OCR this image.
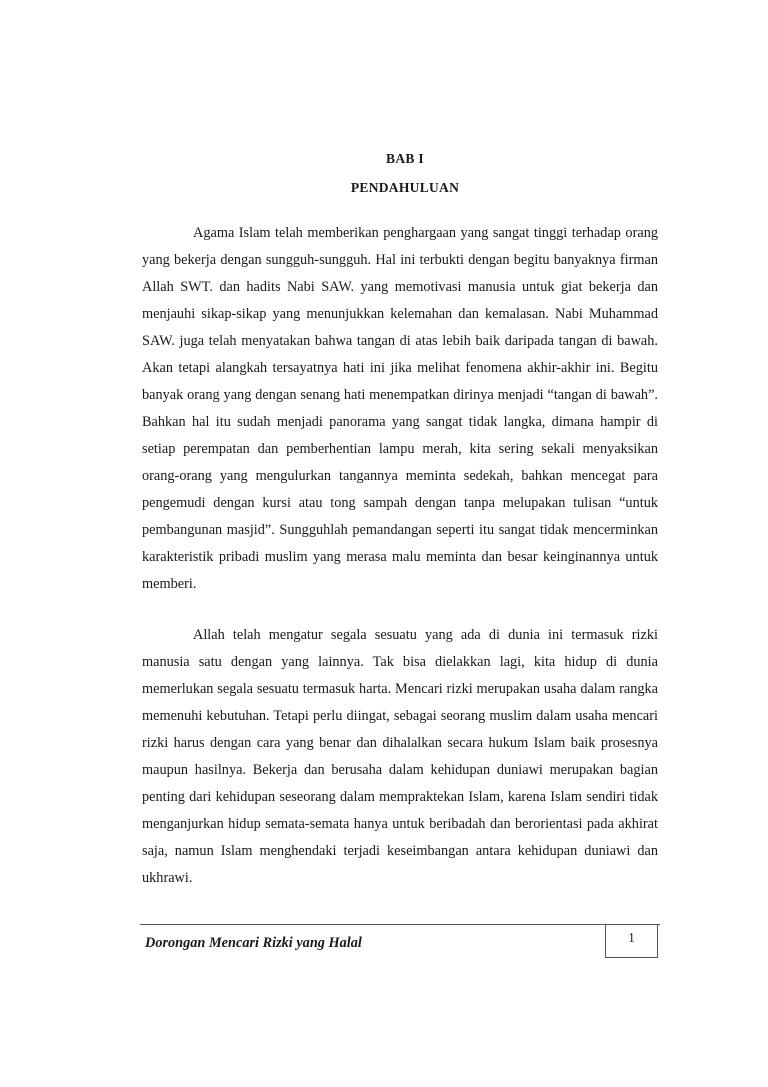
BAB I
PENDAHULUAN

Agama Islam telah memberikan penghargaan yang sangat tinggi terhadap orang yang bekerja dengan sungguh-sungguh. Hal ini terbukti dengan begitu banyaknya firman Allah SWT. dan hadits Nabi SAW. yang memotivasi manusia untuk giat bekerja dan menjauhi sikap-sikap yang menunjukkan kelemahan dan kemalasan. Nabi Muhammad SAW. juga telah menyatakan bahwa tangan di atas lebih baik daripada tangan di bawah. Akan tetapi alangkah tersayatnya hati ini jika melihat fenomena akhir-akhir ini. Begitu banyak orang yang dengan senang hati menempatkan dirinya menjadi “tangan di bawah”. Bahkan hal itu sudah menjadi panorama yang sangat tidak langka, dimana hampir di setiap perempatan dan pemberhentian lampu merah, kita sering sekali menyaksikan orang-orang yang mengulurkan tangannya meminta sedekah, bahkan mencegat para pengemudi dengan kursi atau tong sampah dengan tanpa melupakan tulisan “untuk pembangunan masjid”. Sungguhlah pemandangan seperti itu sangat tidak mencerminkan karakteristik pribadi muslim yang merasa malu meminta dan besar keinginannya untuk memberi.

Allah telah mengatur segala sesuatu yang ada di dunia ini termasuk rizki manusia satu dengan yang lainnya. Tak bisa dielakkan lagi, kita hidup di dunia memerlukan segala sesuatu termasuk harta. Mencari rizki merupakan usaha dalam rangka memenuhi kebutuhan. Tetapi perlu diingat, sebagai seorang muslim dalam usaha mencari rizki harus dengan cara yang benar dan dihalalkan secara hukum Islam baik prosesnya maupun hasilnya. Bekerja dan berusaha dalam kehidupan duniawi merupakan bagian penting dari kehidupan seseorang dalam mempraktekan Islam, karena Islam sendiri tidak menganjurkan hidup semata-semata hanya untuk beribadah dan berorientasi pada akhirat saja, namun Islam menghendaki terjadi keseimbangan antara kehidupan duniawi dan ukhrawi.

Dorongan Mencari Rizki yang Halal	1
